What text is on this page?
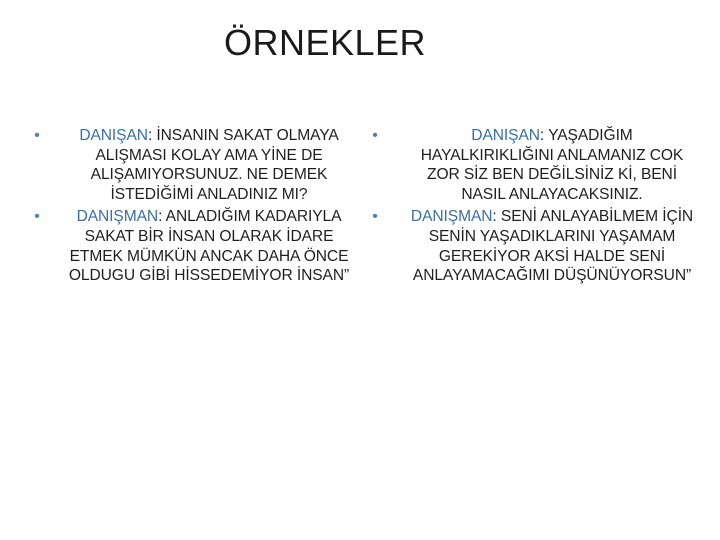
ÖRNEKLER
•	DANIŞAN: İNSANIN SAKAT OLMAYA ALIŞMASI KOLAY AMA YİNE DE ALIŞAMIYORSUNUZ. NE DEMEK İSTEDİĞİMİ ANLADINIZ MI?
• DANIŞMAN: ANLADIĞIM KADARIYLA SAKAT BİR İNSAN OLARAK İDARE ETMEK MÜMKÜN ANCAK DAHA ÖNCE OLDUGU GİBİ HİSSEDEMİYOR İNSAN”
•	DANIŞAN: YAŞADIĞIM HAYALKIRIKLIĞINI ANLAMANIZ COK ZOR SİZ BEN DEĞİLSİNİZ Kİ, BENİ NASIL ANLAYACAKSINIZ.
• DANIŞMAN: SENİ ANLAYABİLMEM İÇİN SENİN YAŞADIKLARINI YAŞAMAM GEREKİYOR AKSİ HALDE SENİ ANLAYAMACAĞIMI DÜŞÜNÜYORSUN”
